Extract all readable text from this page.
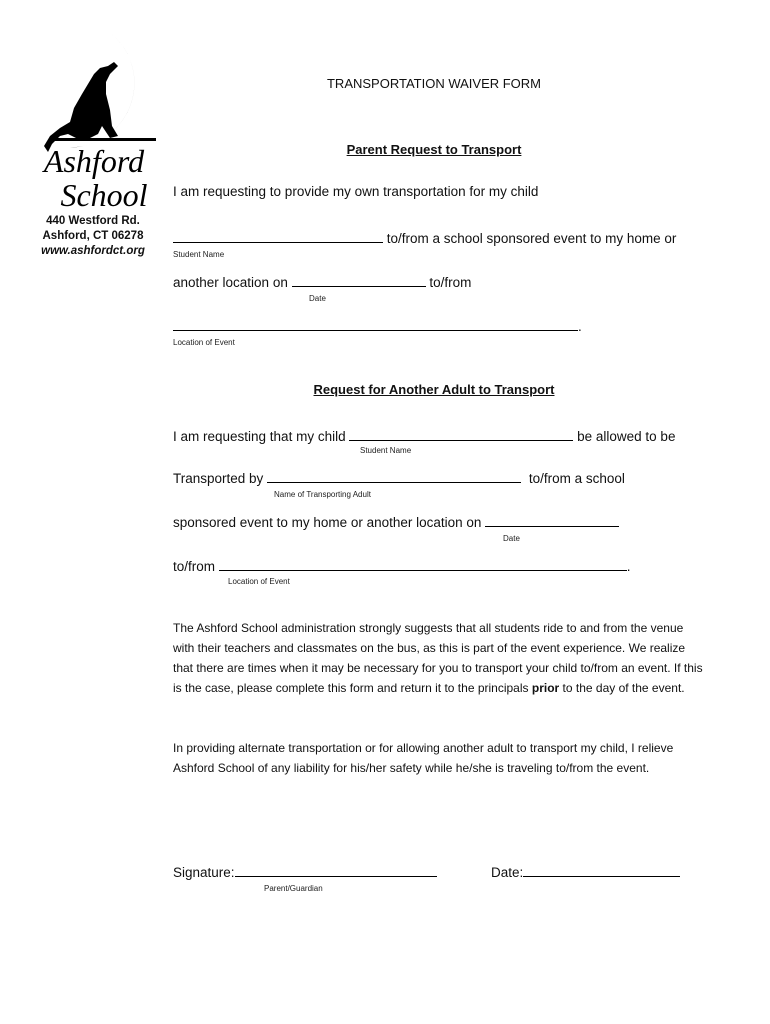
Ashford
School
440 Westford Rd.
Ashford, CT 06278
www.ashfordct.org
TRANSPORTATION WAIVER FORM
Parent Request to Transport
I am requesting to provide my own transportation for my child
to/from a school sponsored event to my home or
Student Name
another location on	to/from
Date
.
Location of Event
Request for Another Adult to Transport
I am requesting that my child	be allowed to be
Student Name
Transported by	to/from a school
Name of Transporting Adult
sponsored event to my home or another location on
Date
to/from	.
Location of Event
The Ashford School administration strongly suggests that all students ride to and from the venue with their teachers and classmates on the bus, as this is part of the event experience. We realize that there are times when it may be necessary for you to transport your child to/from an event. If this is the case, please complete this form and return it to the principals prior to the day of the event.
In providing alternate transportation or for allowing another adult to transport my child, I relieve Ashford School of any liability for his/her safety while he/she is traveling to/from the event.
Signature:
Parent/Guardian
Date:
